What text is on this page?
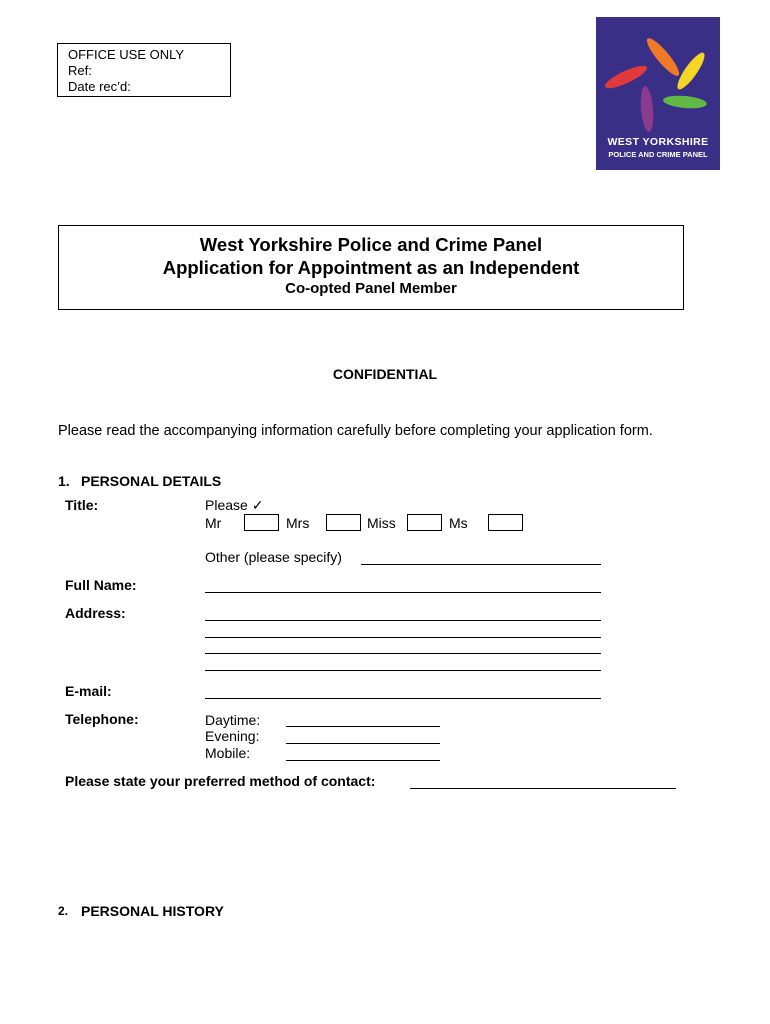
OFFICE USE ONLY
Ref:
Date rec’d:
WEST YORKSHIRE
POLICE AND CRIME PANEL
West Yorkshire Police and Crime Panel
Application for Appointment as an Independent
Co-opted Panel Member
CONFIDENTIAL
Please read the accompanying information carefully before completing your application form.
1. PERSONAL DETAILS
Title:	Please ✓
Mr	Mrs	Miss	Ms
Other (please specify)
Full Name:
Address:
E-mail:
Telephone:	Daytime:
Evening:
Mobile:
Please state your preferred method of contact:
2. PERSONAL HISTORY
